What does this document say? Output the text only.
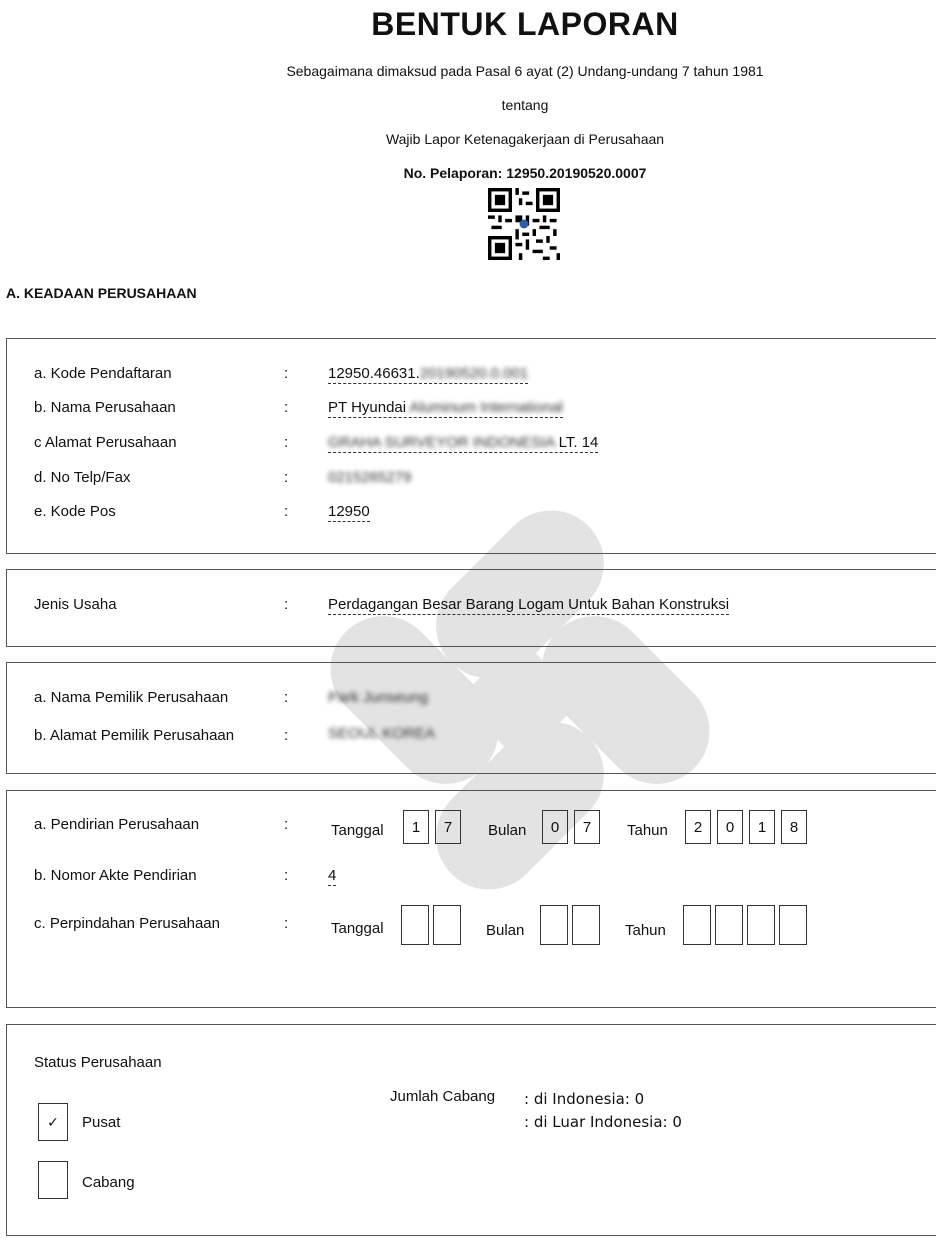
BENTUK LAPORAN
Sebagaimana dimaksud pada Pasal 6 ayat (2) Undang-undang 7 tahun 1981
tentang
Wajib Lapor Ketenagakerjaan di Perusahaan
No. Pelaporan: 12950.20190520.0007
A. KEADAAN PERUSAHAAN
a. Kode Pendaftaran	:	12950.46631.20190520.0.001
b. Nama Perusahaan	:	PT Hyundai Aluminum International
c Alamat Perusahaan	:	GRAHA SURVEYOR INDONESIA LT. 14
d. No Telp/Fax	:	0215265279
e. Kode Pos	:	12950
Jenis Usaha	:	Perdagangan Besar Barang Logam Untuk Bahan Konstruksi
a. Nama Pemilik Perusahaan	:	Park Junseung
b. Alamat Pemilik Perusahaan	:	SEOUL KOREA
a. Pendirian Perusahaan	:	Tanggal	1	7	Bulan	0	7	Tahun	2	0	1	8
b. Nomor Akte Pendirian	:	4
c. Perpindahan Perusahaan	:	Tanggal	Bulan	Tahun
Status Perusahaan
✓	Pusat
Cabang
Jumlah Cabang : di Indonesia: 0
: di Luar Indonesia: 0
